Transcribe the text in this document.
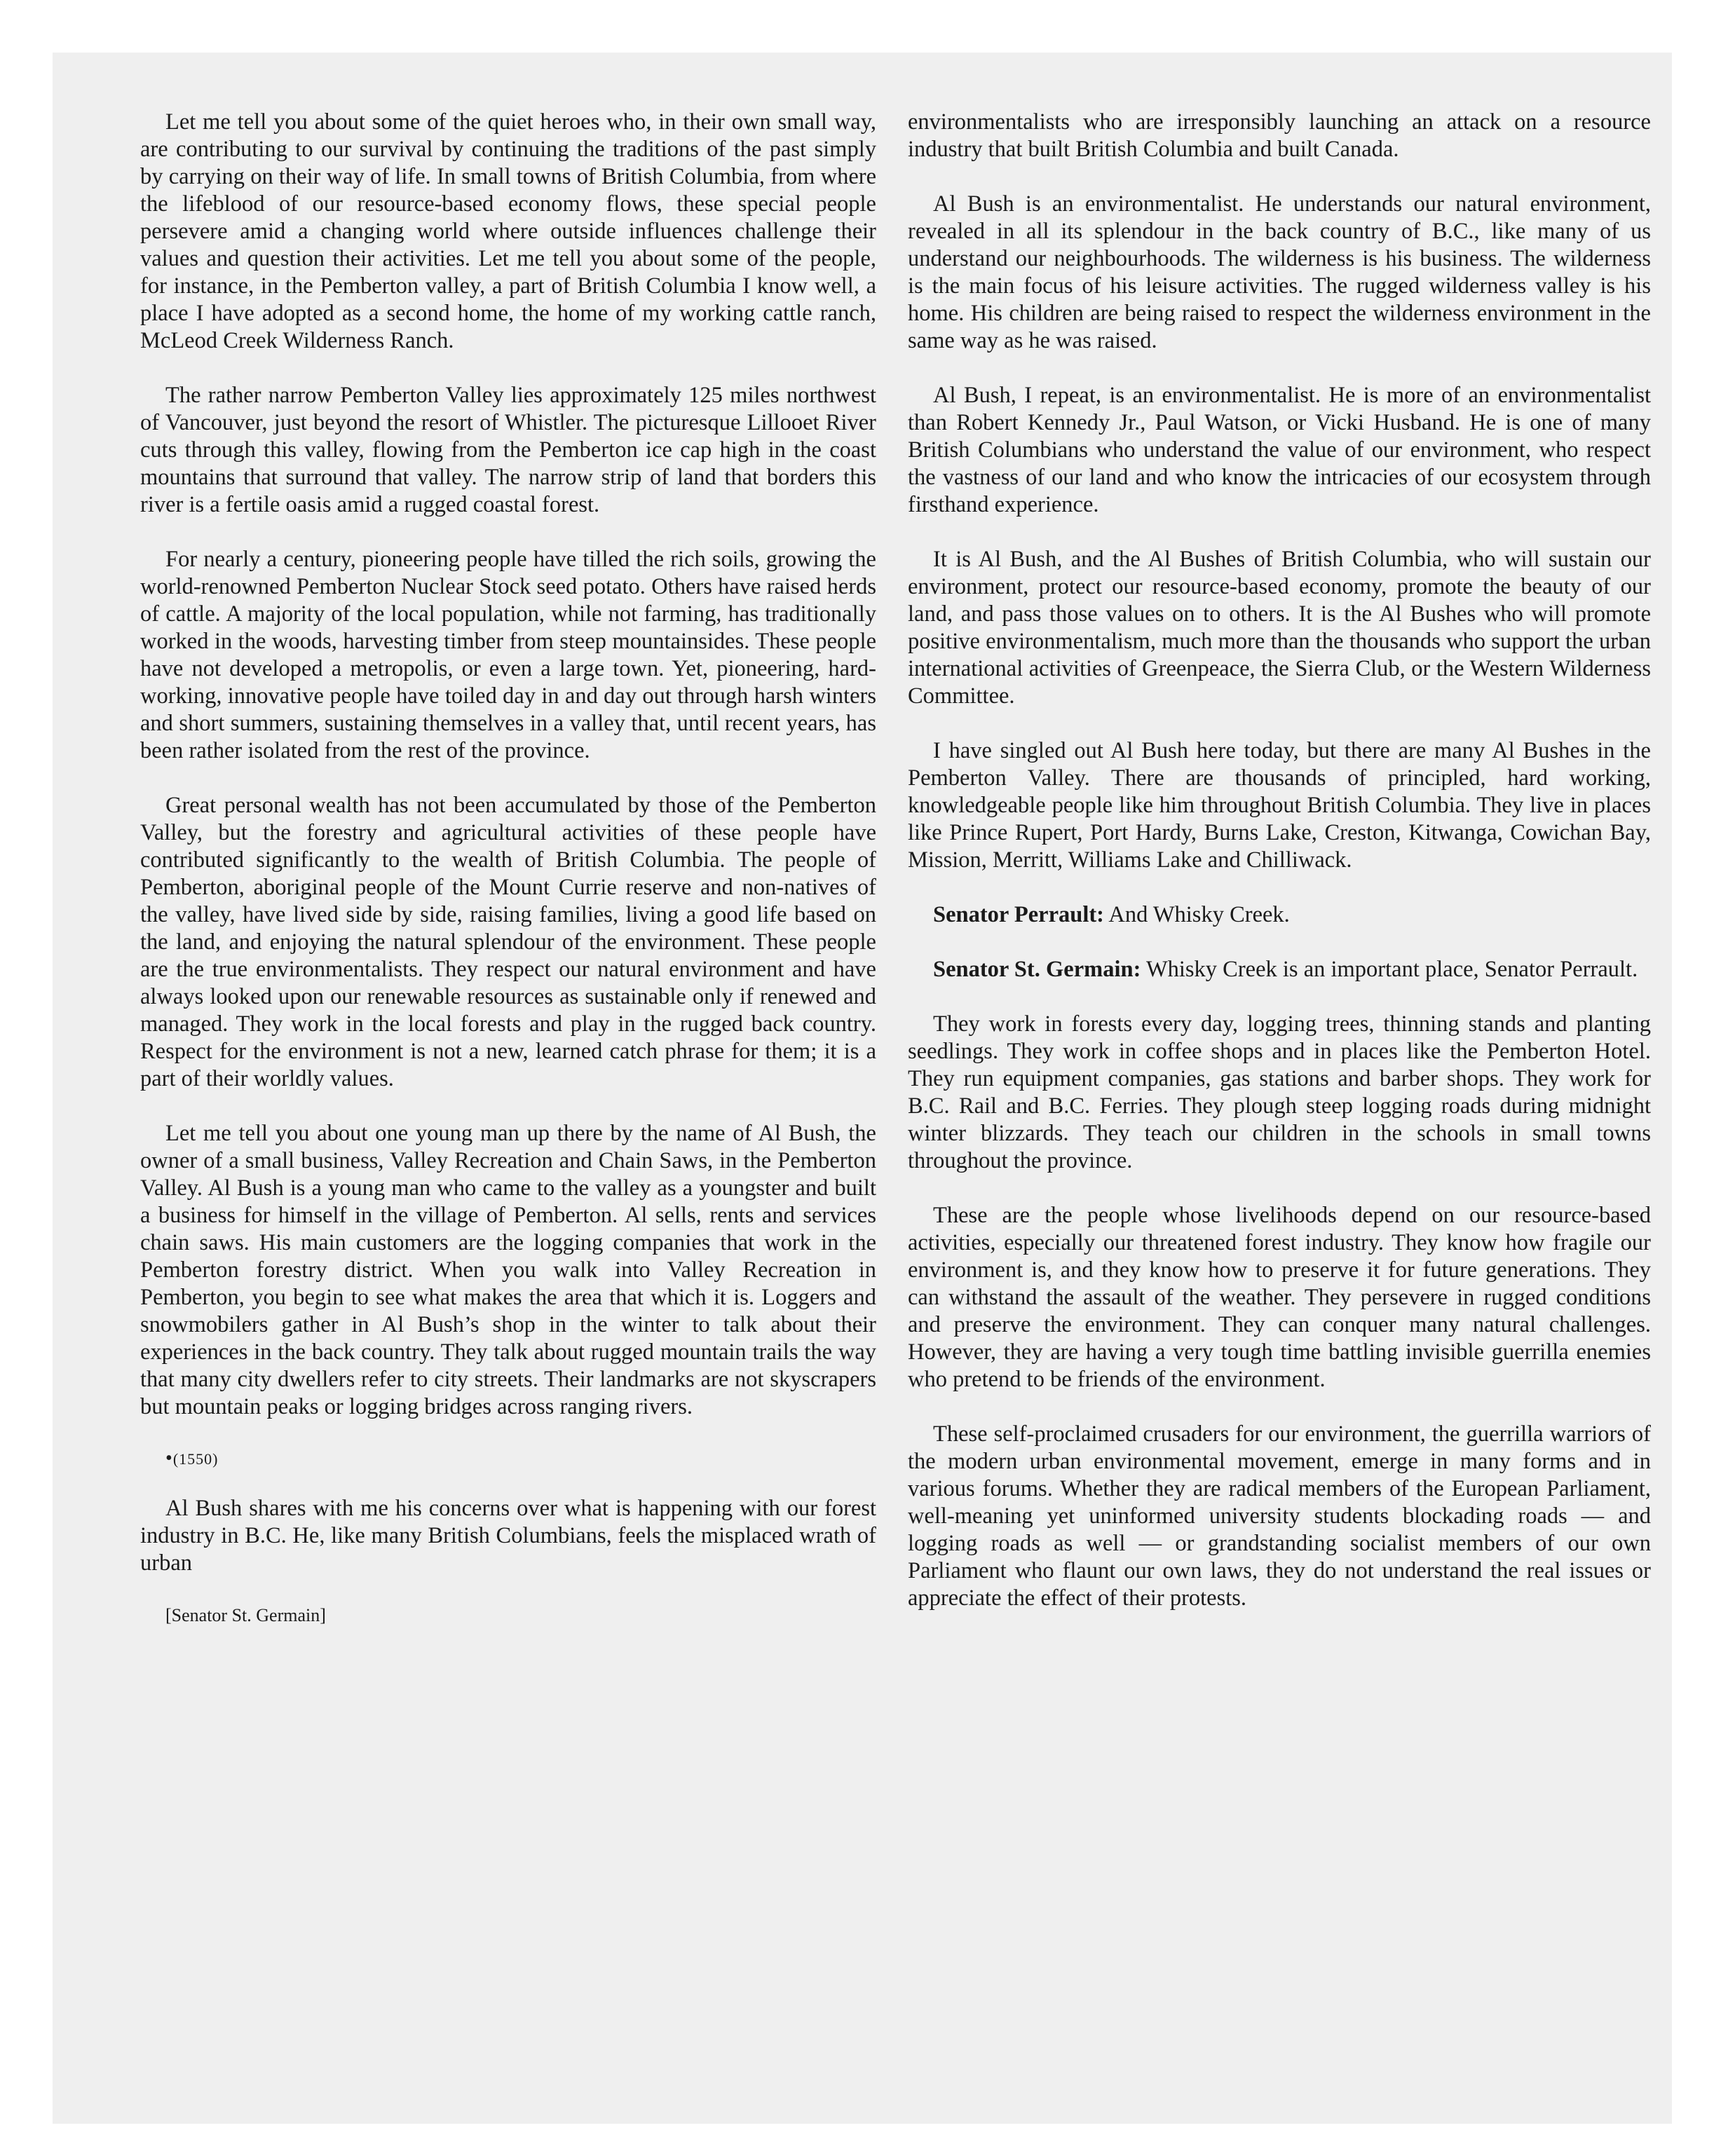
Let me tell you about some of the quiet heroes who, in their own small way, are contributing to our survival by continuing the traditions of the past simply by carrying on their way of life. In small towns of British Columbia, from where the lifeblood of our resource-based economy flows, these special people persevere amid a changing world where outside influences challenge their values and question their activities. Let me tell you about some of the people, for instance, in the Pemberton valley, a part of British Columbia I know well, a place I have adopted as a second home, the home of my working cattle ranch, McLeod Creek Wilderness Ranch.

The rather narrow Pemberton Valley lies approximately 125 miles northwest of Vancouver, just beyond the resort of Whistler. The picturesque Lillooet River cuts through this valley, flowing from the Pemberton ice cap high in the coast mountains that surround that valley. The narrow strip of land that borders this river is a fertile oasis amid a rugged coastal forest.

For nearly a century, pioneering people have tilled the rich soils, growing the world-renowned Pemberton Nuclear Stock seed potato. Others have raised herds of cattle. A majority of the local population, while not farming, has traditionally worked in the woods, harvesting timber from steep mountainsides. These people have not developed a metropolis, or even a large town. Yet, pioneering, hard-working, innovative people have toiled day in and day out through harsh winters and short summers, sustaining themselves in a valley that, until recent years, has been rather isolated from the rest of the province.

Great personal wealth has not been accumulated by those of the Pemberton Valley, but the forestry and agricultural activities of these people have contributed significantly to the wealth of British Columbia. The people of Pemberton, aboriginal people of the Mount Currie reserve and non-natives of the valley, have lived side by side, raising families, living a good life based on the land, and enjoying the natural splendour of the environment. These people are the true environmentalists. They respect our natural environment and have always looked upon our renewable resources as sustainable only if renewed and managed. They work in the local forests and play in the rugged back country. Respect for the environment is not a new, learned catch phrase for them; it is a part of their worldly values.

Let me tell you about one young man up there by the name of Al Bush, the owner of a small business, Valley Recreation and Chain Saws, in the Pemberton Valley. Al Bush is a young man who came to the valley as a youngster and built a business for himself in the village of Pemberton. Al sells, rents and services chain saws. His main customers are the logging companies that work in the Pemberton forestry district. When you walk into Valley Recreation in Pemberton, you begin to see what makes the area that which it is. Loggers and snowmobilers gather in Al Bush’s shop in the winter to talk about their experiences in the back country. They talk about rugged mountain trails the way that many city dwellers refer to city streets. Their landmarks are not skyscrapers but mountain peaks or logging bridges across ranging rivers.

•(1550)

Al Bush shares with me his concerns over what is happening with our forest industry in B.C. He, like many British Columbians, feels the misplaced wrath of urban

[Senator St. Germain]

environmentalists who are irresponsibly launching an attack on a resource industry that built British Columbia and built Canada.

Al Bush is an environmentalist. He understands our natural environment, revealed in all its splendour in the back country of B.C., like many of us understand our neighbourhoods. The wilderness is his business. The wilderness is the main focus of his leisure activities. The rugged wilderness valley is his home. His children are being raised to respect the wilderness environment in the same way as he was raised.

Al Bush, I repeat, is an environmentalist. He is more of an environmentalist than Robert Kennedy Jr., Paul Watson, or Vicki Husband. He is one of many British Columbians who understand the value of our environment, who respect the vastness of our land and who know the intricacies of our ecosystem through firsthand experience.

It is Al Bush, and the Al Bushes of British Columbia, who will sustain our environment, protect our resource-based economy, promote the beauty of our land, and pass those values on to others. It is the Al Bushes who will promote positive environmentalism, much more than the thousands who support the urban international activities of Greenpeace, the Sierra Club, or the Western Wilderness Committee.

I have singled out Al Bush here today, but there are many Al Bushes in the Pemberton Valley. There are thousands of principled, hard working, knowledgeable people like him throughout British Columbia. They live in places like Prince Rupert, Port Hardy, Burns Lake, Creston, Kitwanga, Cowichan Bay, Mission, Merritt, Williams Lake and Chilliwack.

Senator Perrault: And Whisky Creek.

Senator St. Germain: Whisky Creek is an important place, Senator Perrault.

They work in forests every day, logging trees, thinning stands and planting seedlings. They work in coffee shops and in places like the Pemberton Hotel. They run equipment companies, gas stations and barber shops. They work for B.C. Rail and B.C. Ferries. They plough steep logging roads during midnight winter blizzards. They teach our children in the schools in small towns throughout the province.

These are the people whose livelihoods depend on our resource-based activities, especially our threatened forest industry. They know how fragile our environment is, and they know how to preserve it for future generations. They can withstand the assault of the weather. They persevere in rugged conditions and preserve the environment. They can conquer many natural challenges. However, they are having a very tough time battling invisible guerrilla enemies who pretend to be friends of the environment.

These self-proclaimed crusaders for our environment, the guerrilla warriors of the modern urban environmental movement, emerge in many forms and in various forums. Whether they are radical members of the European Parliament, well-meaning yet uninformed university students blockading roads — and logging roads as well — or grandstanding socialist members of our own Parliament who flaunt our own laws, they do not understand the real issues or appreciate the effect of their protests.
